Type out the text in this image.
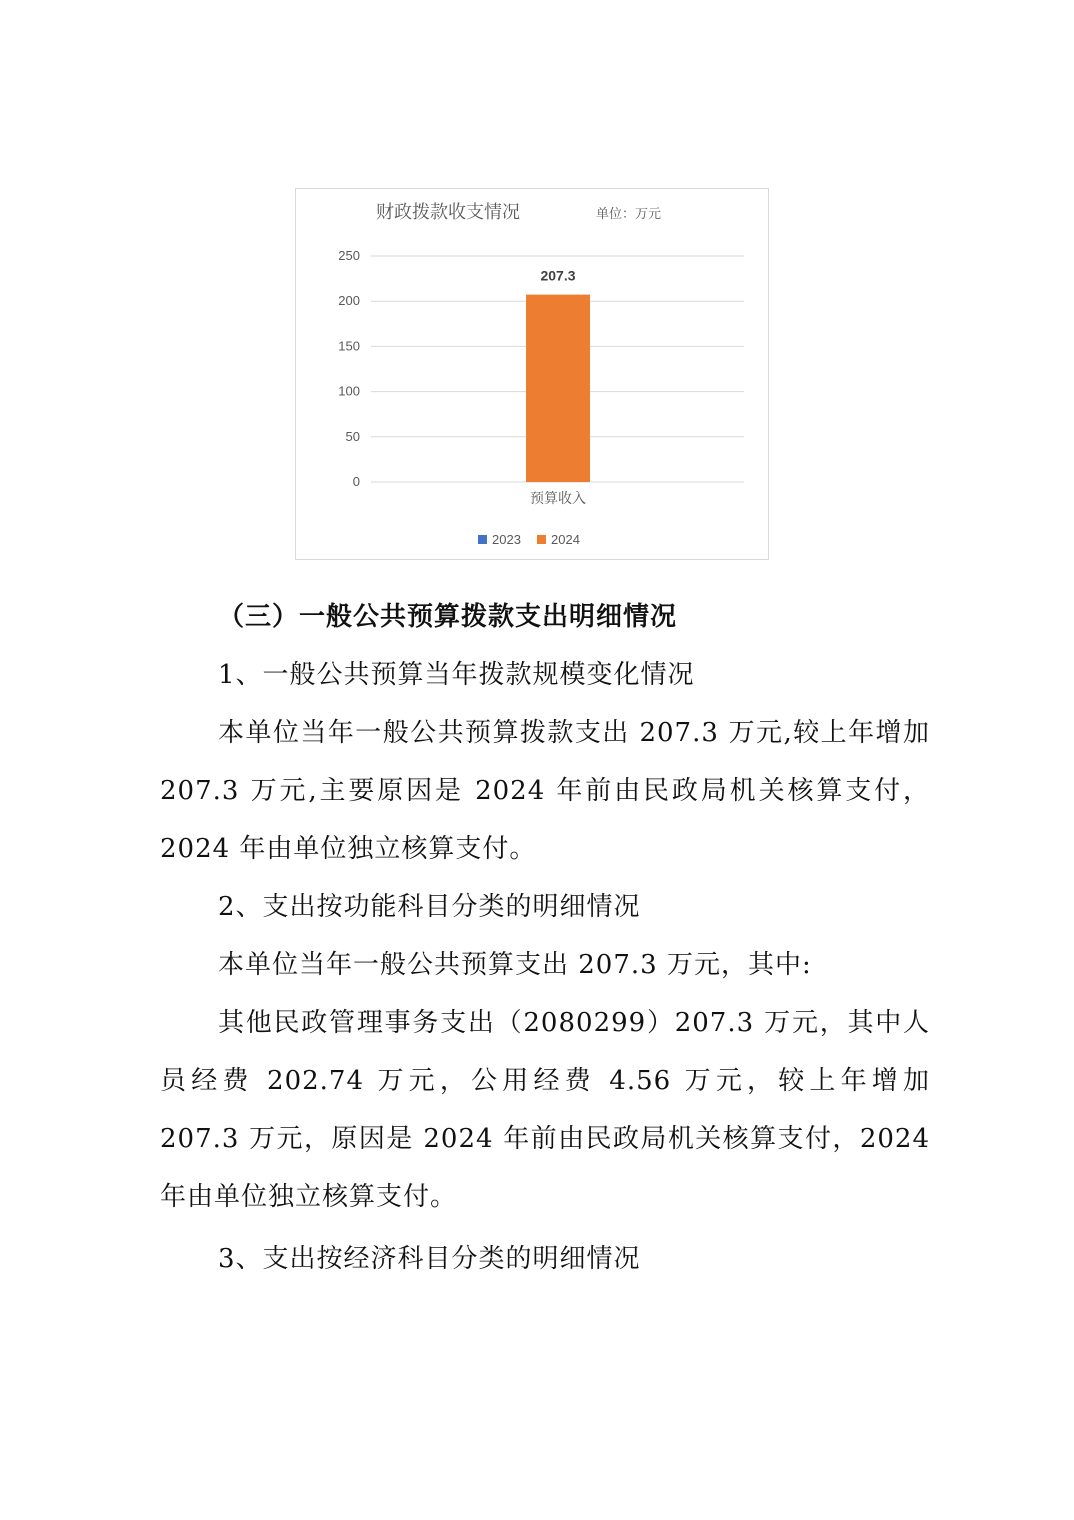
财政拨款收支情况	单位：万元
0
50
100
150
200
250
207.3
预算收入
2023 2024

（三）一般公共预算拨款支出明细情况

1、一般公共预算当年拨款规模变化情况

本单位当年一般公共预算拨款支出 207.3 万元,较上年增加 207.3 万元,主要原因是 2024 年前由民政局机关核算支付，2024 年由单位独立核算支付。

2、支出按功能科目分类的明细情况

本单位当年一般公共预算支出 207.3 万元，其中:

其他民政管理事务支出（2080299）207.3 万元，其中人员经费 202.74 万元，公用经费 4.56 万元，较上年增加 207.3 万元，原因是 2024 年前由民政局机关核算支付，2024 年由单位独立核算支付。

3、支出按经济科目分类的明细情况
